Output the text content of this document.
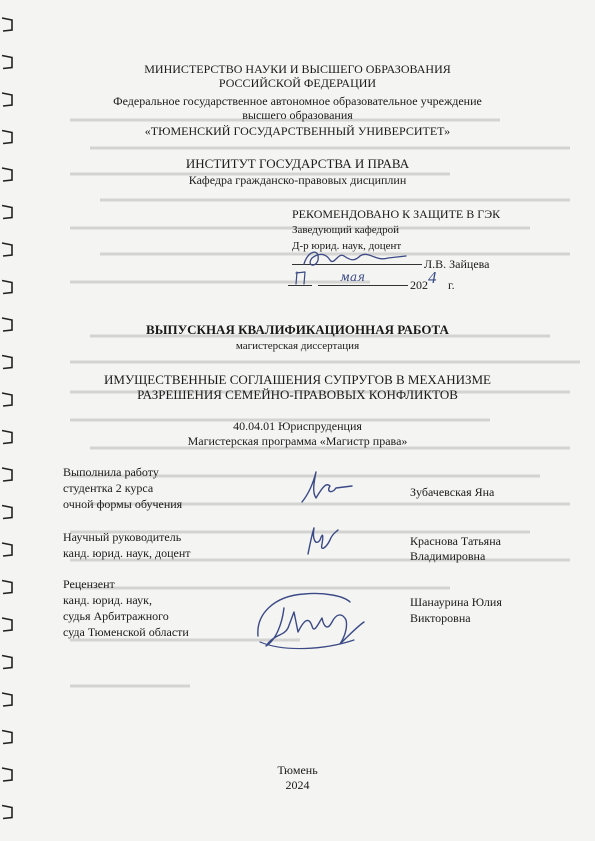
МИНИСТЕРСТВО НАУКИ И ВЫСШЕГО ОБРАЗОВАНИЯ
РОССИЙСКОЙ ФЕДЕРАЦИИ
Федеральное государственное автономное образовательное учреждение
высшего образования
«ТЮМЕНСКИЙ ГОСУДАРСТВЕННЫЙ УНИВЕРСИТЕТ»
ИНСТИТУТ ГОСУДАРСТВА И ПРАВА
Кафедра гражданско-правовых дисциплин
РЕКОМЕНДОВАНО К ЗАЩИТЕ В ГЭК
Заведующий кафедрой
Д-р юрид. наук, доцент
Л.В. Зайцева
мая
202 4 г.
ВЫПУСКНАЯ КВАЛИФИКАЦИОННАЯ РАБОТА
магистерская диссертация
ИМУЩЕСТВЕННЫЕ СОГЛАШЕНИЯ СУПРУГОВ В МЕХАНИЗМЕ
РАЗРЕШЕНИЯ СЕМЕЙНО-ПРАВОВЫХ КОНФЛИКТОВ
40.04.01 Юриспруденция
Магистерская программа «Магистр права»
Выполнила работу
студентка 2 курса
очной формы обучения
Зубачевская Яна
Научный руководитель
канд. юрид. наук, доцент
Краснова Татьяна
Владимировна
Рецензент
канд. юрид. наук,
судья Арбитражного
суда Тюменской области
Шанаурина Юлия
Викторовна
Тюмень
2024
